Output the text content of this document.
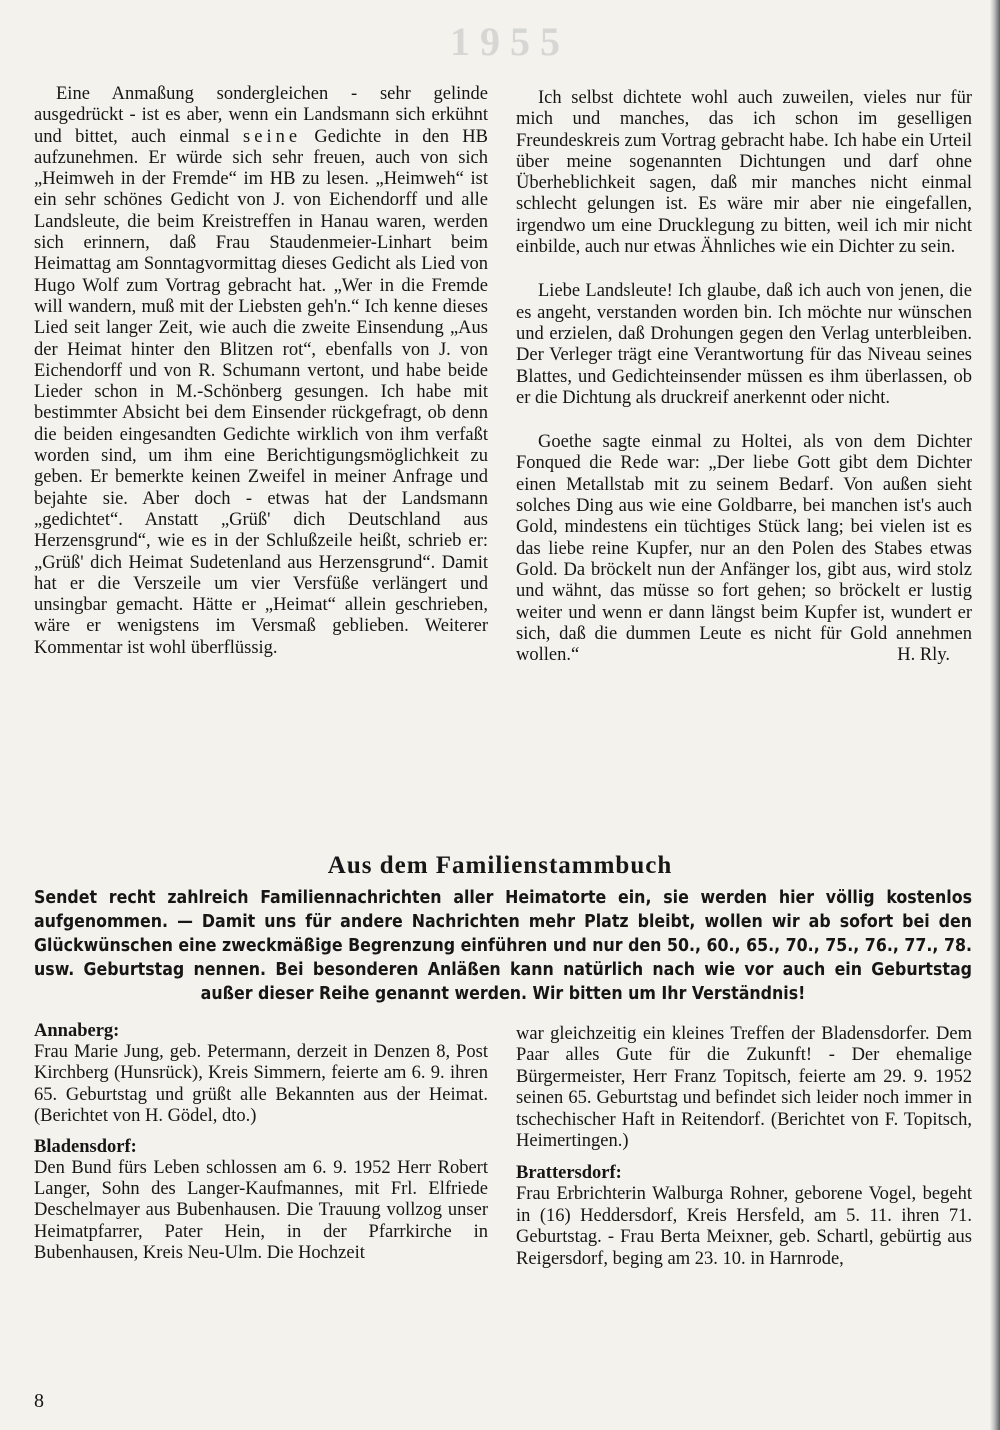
1955

Eine Anmaßung sondergleichen - sehr gelinde ausgedrückt - ist es aber, wenn ein Landsmann sich erkühnt und bittet, auch einmal seine Gedichte in den HB aufzunehmen. Er würde sich sehr freuen, auch von sich „Heimweh in der Fremde“ im HB zu lesen. „Heimweh“ ist ein sehr schönes Gedicht von J. von Eichendorff und alle Landsleute, die beim Kreistreffen in Hanau waren, werden sich erinnern, daß Frau Staudenmeier-Linhart beim Heimattag am Sonntagvormittag dieses Gedicht als Lied von Hugo Wolf zum Vortrag gebracht hat. „Wer in die Fremde will wandern, muß mit der Liebsten geh'n.“ Ich kenne dieses Lied seit langer Zeit, wie auch die zweite Einsendung „Aus der Heimat hinter den Blitzen rot“, ebenfalls von J. von Eichendorff und von R. Schumann vertont, und habe beide Lieder schon in M.-Schönberg gesungen. Ich habe mit bestimmter Absicht bei dem Einsender rückgefragt, ob denn die beiden eingesandten Gedichte wirklich von ihm verfaßt worden sind, um ihm eine Berichtigungsmöglichkeit zu geben. Er bemerkte keinen Zweifel in meiner Anfrage und bejahte sie. Aber doch - etwas hat der Landsmann „gedichtet“. Anstatt „Grüß' dich Deutschland aus Herzensgrund“, wie es in der Schlußzeile heißt, schrieb er: „Grüß' dich Heimat Sudetenland aus Herzensgrund“. Damit hat er die Verszeile um vier Versfüße verlängert und unsingbar gemacht. Hätte er „Heimat“ allein geschrieben, wäre er wenigstens im Versmaß geblieben. Weiterer Kommentar ist wohl überflüssig.

Ich selbst dichtete wohl auch zuweilen, vieles nur für mich und manches, das ich schon im geselligen Freundeskreis zum Vortrag gebracht habe. Ich habe ein Urteil über meine sogenannten Dichtungen und darf ohne Überheblichkeit sagen, daß mir manches nicht einmal schlecht gelungen ist. Es wäre mir aber nie eingefallen, irgendwo um eine Drucklegung zu bitten, weil ich mir nicht einbilde, auch nur etwas Ähnliches wie ein Dichter zu sein.

Liebe Landsleute! Ich glaube, daß ich auch von jenen, die es angeht, verstanden worden bin. Ich möchte nur wünschen und erzielen, daß Drohungen gegen den Verlag unterbleiben. Der Verleger trägt eine Verantwortung für das Niveau seines Blattes, und Gedichteinsender müssen es ihm überlassen, ob er die Dichtung als druckreif anerkennt oder nicht.

Goethe sagte einmal zu Holtei, als von dem Dichter Fonqued die Rede war: „Der liebe Gott gibt dem Dichter einen Metallstab mit zu seinem Bedarf. Von außen sieht solches Ding aus wie eine Goldbarre, bei manchen ist's auch Gold, mindestens ein tüchtiges Stück lang; bei vielen ist es das liebe reine Kupfer, nur an den Polen des Stabes etwas Gold. Da bröckelt nun der Anfänger los, gibt aus, wird stolz und wähnt, das müsse so fort gehen; so bröckelt er lustig weiter und wenn er dann längst beim Kupfer ist, wundert er sich, daß die dummen Leute es nicht für Gold annehmen wollen.“	H. Rly.
Aus dem Familienstammbuch

Sendet recht zahlreich Familiennachrichten aller Heimatorte ein, sie werden hier völlig kostenlos aufgenommen. — Damit uns für andere Nachrichten mehr Platz bleibt, wollen wir ab sofort bei den Glückwünschen eine zweckmäßige Begrenzung einführen und nur den 50., 60., 65., 70., 75., 76., 77., 78. usw. Geburtstag nennen. Bei besonderen Anläßen kann natürlich nach wie vor auch ein Geburtstag außer dieser Reihe genannt werden. Wir bitten um Ihr Verständnis!

Annaberg:

Frau Marie Jung, geb. Petermann, derzeit in Denzen 8, Post Kirchberg (Hunsrück), Kreis Simmern, feierte am 6. 9. ihren 65. Geburtstag und grüßt alle Bekannten aus der Heimat. (Berichtet von H. Gödel, dto.)

Bladensdorf:

Den Bund fürs Leben schlossen am 6. 9. 1952 Herr Robert Langer, Sohn des Langer-Kaufmannes, mit Frl. Elfriede Deschelmayer aus Bubenhausen. Die Trauung vollzog unser Heimatpfarrer, Pater Hein, in der Pfarrkirche in Bubenhausen, Kreis Neu-Ulm. Die Hochzeit

war gleichzeitig ein kleines Treffen der Bladensdorfer. Dem Paar alles Gute für die Zukunft! - Der ehemalige Bürgermeister, Herr Franz Topitsch, feierte am 29. 9. 1952 seinen 65. Geburtstag und befindet sich leider noch immer in tschechischer Haft in Reitendorf. (Berichtet von F. Topitsch, Heimertingen.)

Brattersdorf:

Frau Erbrichterin Walburga Rohner, geborene Vogel, begeht in (16) Heddersdorf, Kreis Hersfeld, am 5. 11. ihren 71. Geburtstag. - Frau Berta Meixner, geb. Schartl, gebürtig aus Reigersdorf, beging am 23. 10. in Harnrode,

8
